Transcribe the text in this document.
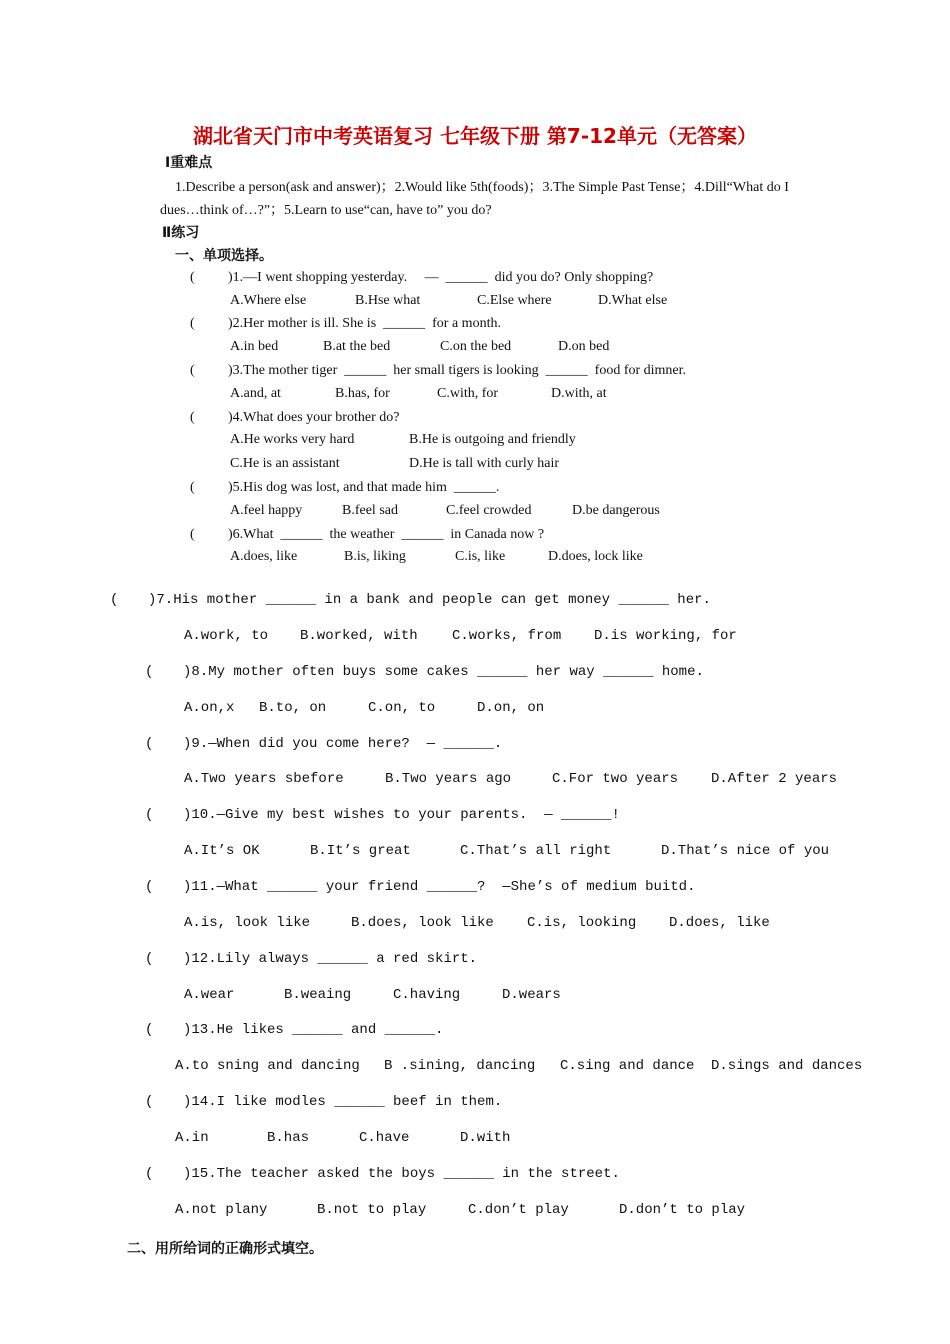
湖北省天门市中考英语复习 七年级下册 第7-12单元（无答案）
Ⅰ重难点
1.Describe a person(ask and answer)；2.Would like 5th(foods)；3.The Simple Past Tense；4.Dill“What do I
dues…think of…?”；5.Learn to use“can, have to” you do?
Ⅱ练习
一、单项选择。
( )1.—I went shopping yesterday.     —  ______  did you do? Only shopping?
A.Where else	B.Hse what	C.Else where	D.What else
( )2.Her mother is ill. She is  ______  for a month.
A.in bed	B.at the bed	C.on the bed	D.on bed
( )3.The mother tiger  ______  her small tigers is looking  ______  food for dimner.
A.and, at	B.has, for	C.with, for	D.with, at
( )4.What does your brother do?
A.He works very hard	B.He is outgoing and friendly
C.He is an assistant	D.He is tall with curly hair
( )5.His dog was lost, and that made him  ______.
A.feel happy	B.feel sad	C.feel crowded	D.be dangerous
( )6.What  ______  the weather  ______  in Canada now ?
A.does, like	B.is, liking	C.is, like	D.does, lock like
( )7.His mother ______ in a bank and people can get money ______ her.
A.work, to B.worked, with C.works, from D.is working, for
( )8.My mother often buys some cakes ______ her way ______ home.
A.on,x B.to, on	C.on, to	D.on, on
( )9.—When did you come here?  — ______.
A.Two years sbefore	B.Two years ago	C.For two years D.After 2 years
( )10.—Give my best wishes to your parents.  — ______!
A.It’s OK	B.It’s great	C.That’s all right	D.That’s nice of you
( )11.—What ______ your friend ______?  —She’s of medium buitd.
A.is, look like	B.does, look like C.is, looking D.does, like
( )12.Lily always ______ a red skirt.
A.wear	B.weaing	C.having	D.wears
( )13.He likes ______ and ______.
A.to sning and dancing B .sining, dancing C.sing and dance D.sings and dances
( )14.I like modles ______ beef in them.
A.in	B.has	C.have	D.with
( )15.The teacher asked the boys ______ in the street.
A.not plany	B.not to play	C.don’t play	D.don’t to play
二、用所给词的正确形式填空。
